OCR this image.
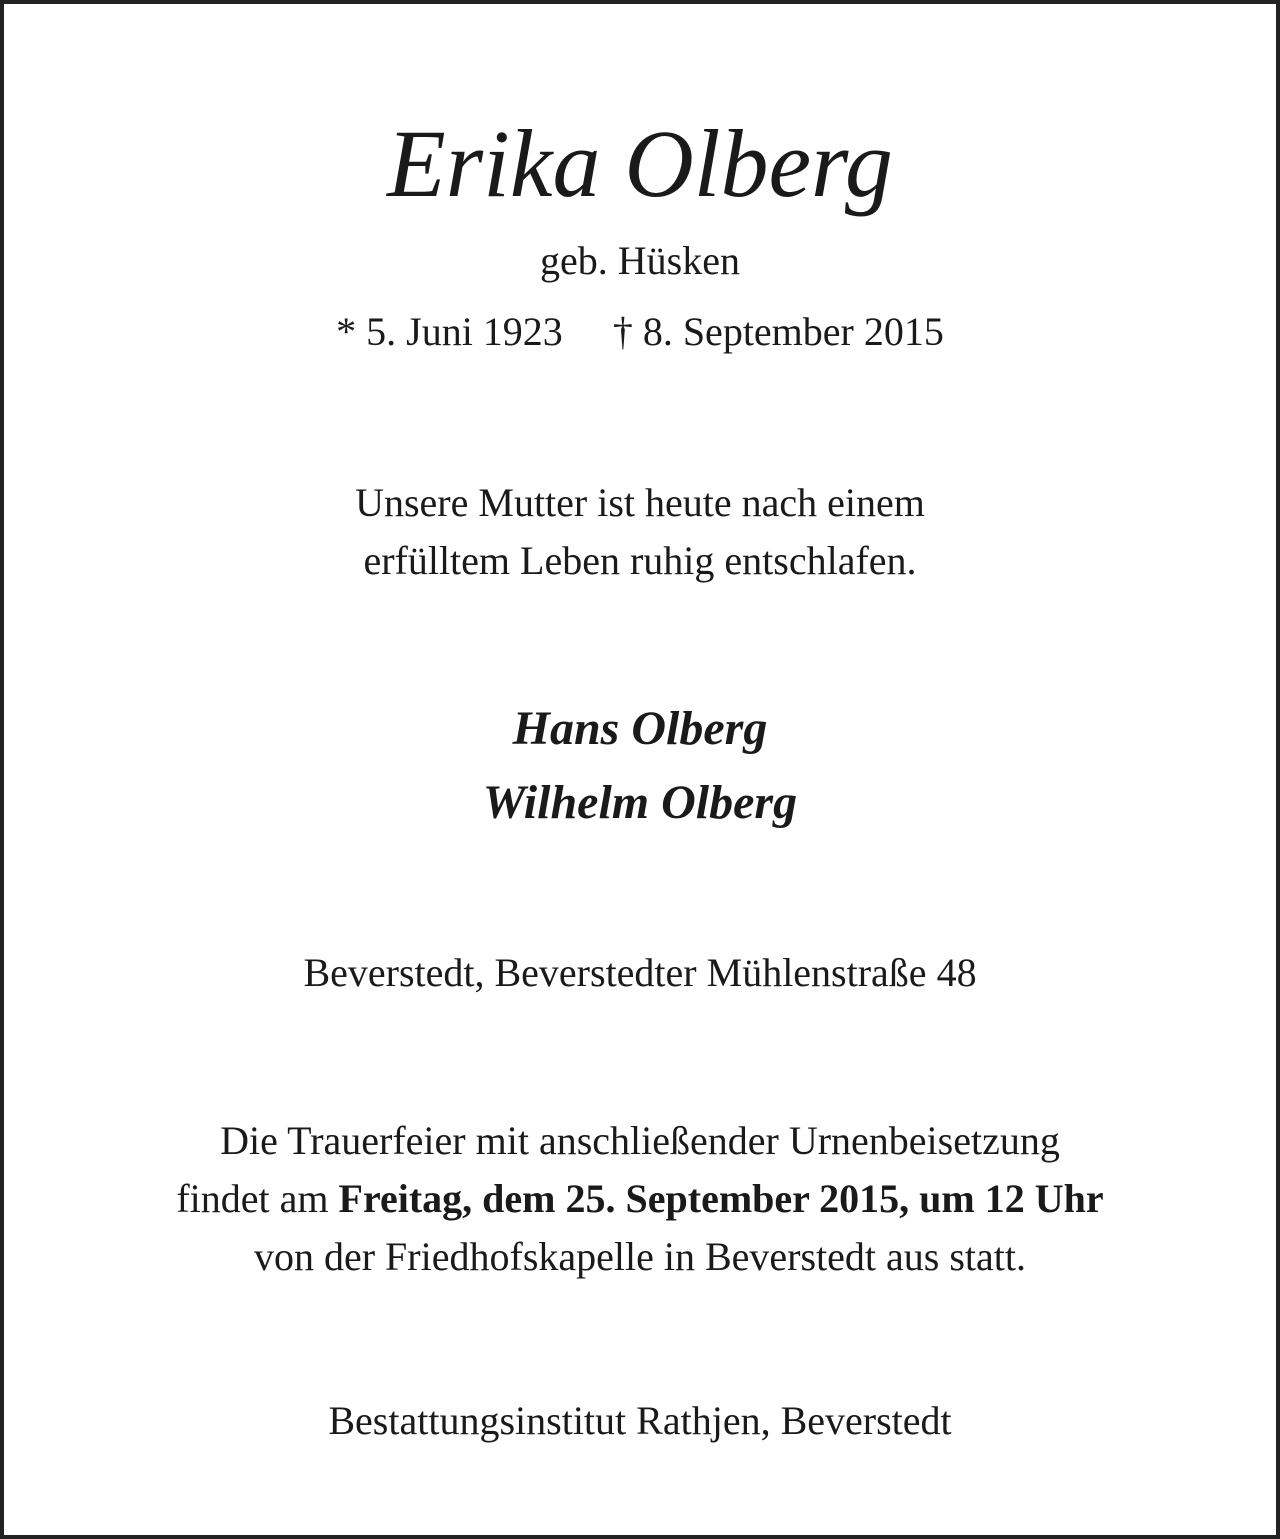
Erika Olberg

geb. Hüsken

* 5. Juni 1923 † 8. September 2015

Unsere Mutter ist heute nach einem
erfülltem Leben ruhig entschlafen.

Hans Olberg

Wilhelm Olberg

Beverstedt, Beverstedter Mühlenstraße 48

Die Trauerfeier mit anschließender Urnenbeisetzung
findet am Freitag, dem 25. September 2015, um 12 Uhr
von der Friedhofskapelle in Beverstedt aus statt.

Bestattungsinstitut Rathjen, Beverstedt
